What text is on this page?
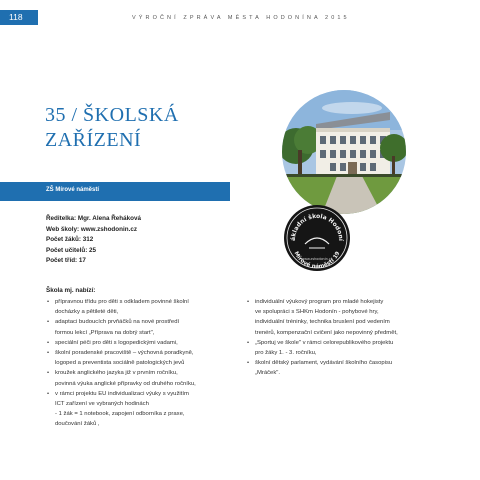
118	VÝROČNÍ ZPRÁVA MĚSTA HODONÍNA 2015
35 / ŠKOLSKÁ
ZAŘÍZENÍ
ZŠ Mírové náměstí
Ředitelka: Mgr. Alena Řeháková
Web školy: www.zshodonin.cz
Počet žáků: 312
Počet učitelů: 25
Počet tříd: 17
ákladní škola Hodoní
Mírové náměstí 19
www.zshodonin.cz
Škola mj. nabízí:
• přípravnou třídu pro děti s odkladem povinné školní
docházky a pětileté děti,
• adaptaci budoucích prvňáčků na nové prostředí
formou lekcí „Příprava na dobrý start",
• speciální péči pro děti s logopedickými vadami,
• školní poradenské pracoviště – výchovná poradkyně,
logoped a preventista sociálně patologických jevů
• kroužek anglického jazyka již v prvním ročníku,
povinná výuka anglické přípravky od druhého ročníku,
• v rámci projektu EU individualizaci výuky s využitím
ICT zařízení ve vybraných hodinách
- 1 žák = 1 notebook, zapojení odborníka z praxe,
doučování žáků ,
• individuální výukový program pro mladé hokejisty
ve spolupráci s SHKm Hodonín - pohybové hry,
individuální tréninky, technika bruslení pod vedením
trenérů, kompenzační cvičení jako nepovinný předmět,
• „Sportuj ve škole" v rámci celorepublikového projektu
pro žáky 1. - 3. ročníku,
• školní dětský parlament, vydávání školního časopisu
„Mráček".
